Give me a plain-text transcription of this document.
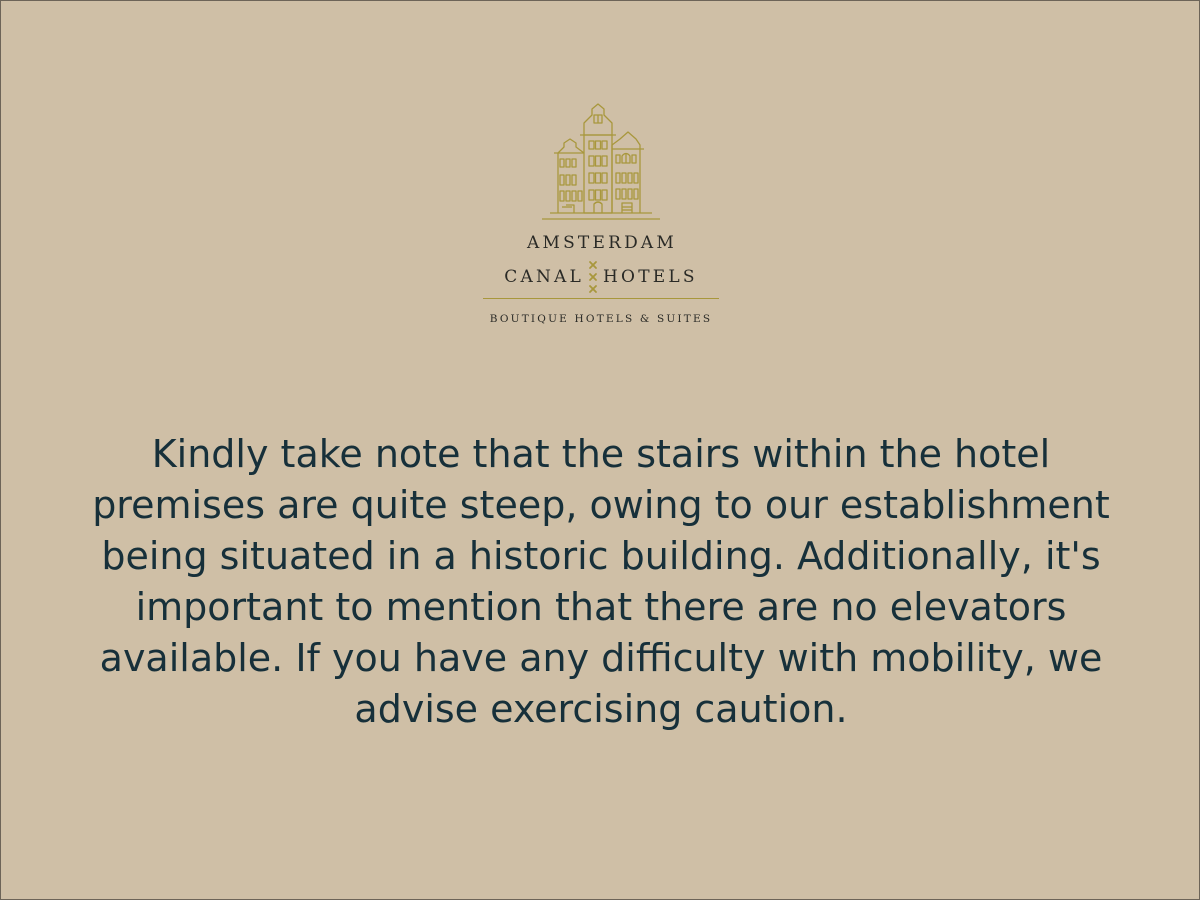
AMSTERDAM
CANAL HOTELS
BOUTIQUE HOTELS & SUITES

Kindly take note that the stairs within the hotel premises are quite steep, owing to our establishment being situated in a historic building. Additionally, it's important to mention that there are no elevators available. If you have any difficulty with mobility, we advise exercising caution.
